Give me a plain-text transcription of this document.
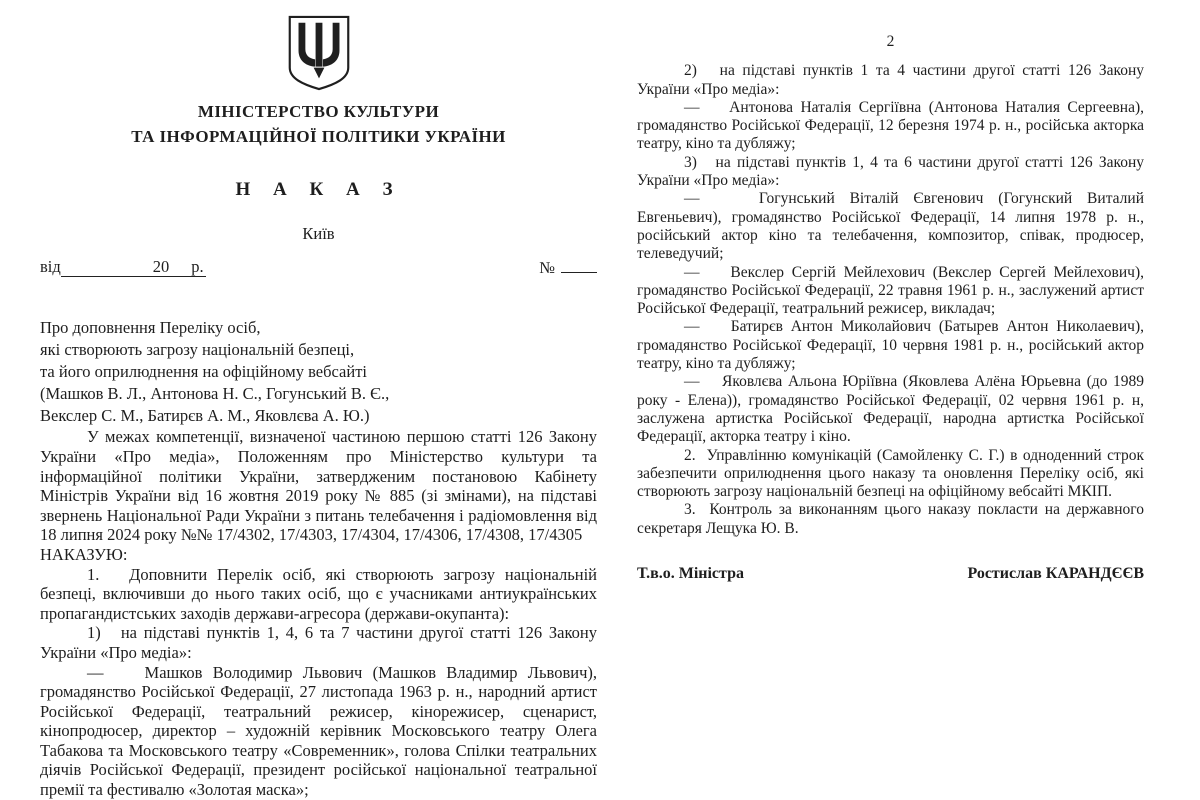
МІНІСТЕРСТВО КУЛЬТУРИ
ТА ІНФОРМАЦІЙНОЇ ПОЛІТИКИ УКРАЇНИ
Н А К А З
Київ
від	20 р.	№
Про доповнення Переліку осіб,
які створюють загрозу національній безпеці,
та його оприлюднення на офіційному вебсайті
(Машков В. Л., Антонова Н. С., Гогунський В. Є.,
Векслер С. М., Батирєв А. М., Яковлєва А. Ю.)

У межах компетенції, визначеної частиною першою статті 126 Закону України «Про медіа», Положенням про Міністерство культури та інформаційної політики України, затвердженим постановою Кабінету Міністрів України від 16 жовтня 2019 року № 885 (зі змінами), на підставі звернень Національної Ради України з питань телебачення і радіомовлення від 18 липня 2024 року №№ 17/4302, 17/4303, 17/4304, 17/4306, 17/4308, 17/4305

НАКАЗУЮ:

1.   Доповнити Перелік осіб, які створюють загрозу національній безпеці, включивши до нього таких осіб, що є учасниками антиукраїнських пропагандистських заходів держави-агресора (держави-окупанта):

1)   на підставі пунктів 1, 4, 6 та 7 частини другої статті 126 Закону України «Про медіа»:

—    Машков Володимир Львович (Машков Владимир Львович), громадянство Російської Федерації, 27 листопада 1963 р. н., народний артист Російської Федерації, театральний режисер, кінорежисер, сценарист, кінопродюсер, директор – художній керівник Московського театру Олега Табакова та Московського театру «Современник», голова Спілки театральних діячів Російської Федерації, президент російської національної театральної премії та фестивалю «Золотая маска»;

2

2)   на підставі пунктів 1 та 4 частини другої статті 126 Закону України «Про медіа»:

—    Антонова Наталія Сергіївна (Антонова Наталия Сергеевна), громадянство Російської Федерації, 12 березня 1974 р. н., російська акторка театру, кіно та дубляжу;

3)   на підставі пунктів 1, 4 та 6 частини другої статті 126 Закону України «Про медіа»:

—    Гогунський Віталій Євгенович (Гогунский Виталий Евгеньевич), громадянство Російської Федерації, 14 липня 1978 р. н., російський актор кіно та телебачення, композитор, співак, продюсер, телеведучий;

—    Векслер Сергій Мейлехович (Векслер Сергей Мейлехович), громадянство Російської Федерації, 22 травня 1961 р. н., заслужений артист Російської Федерації, театральний режисер, викладач;

—    Батирєв Антон Миколайович (Батырев Антон Николаевич), громадянство Російської Федерації, 10 червня 1981 р. н., російський актор театру, кіно та дубляжу;

—    Яковлєва Альона Юріївна (Яковлева Алёна Юрьевна (до 1989 року - Елена)), громадянство Російської Федерації, 02 червня 1961 р. н, заслужена артистка Російської Федерації, народна артистка Російської Федерації, акторка театру і кіно.

2.  Управлінню комунікацій (Самойленку С. Г.) в одноденний строк забезпечити оприлюднення цього наказу та оновлення Переліку осіб, які створюють загрозу національній безпеці на офіційному вебсайті МКІП.

3.  Контроль за виконанням цього наказу покласти на державного секретаря Лещука Ю. В.

Т.в.о. Міністра	Ростислав КАРАНДЄЄВ
